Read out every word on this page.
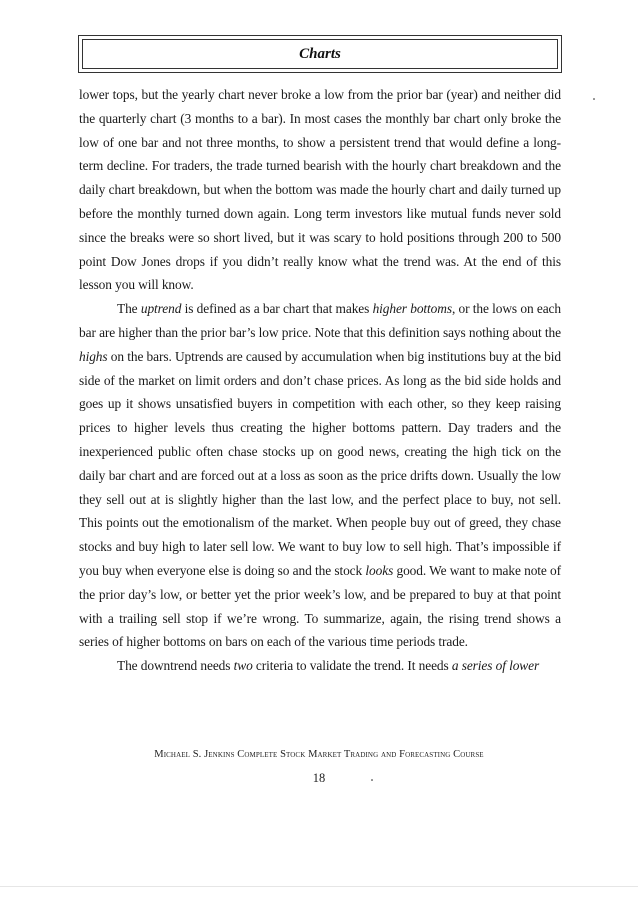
Charts

lower tops, but the yearly chart never broke a low from the prior bar (year) and neither did the quarterly chart (3 months to a bar). In most cases the monthly bar chart only broke the low of one bar and not three months, to show a persistent trend that would define a long-term decline. For traders, the trade turned bearish with the hourly chart breakdown and the daily chart breakdown, but when the bottom was made the hourly chart and daily turned up before the monthly turned down again. Long term investors like mutual funds never sold since the breaks were so short lived, but it was scary to hold positions through 200 to 500 point Dow Jones drops if you didn’t really know what the trend was. At the end of this lesson you will know.

The uptrend is defined as a bar chart that makes higher bottoms, or the lows on each bar are higher than the prior bar’s low price. Note that this definition says nothing about the highs on the bars. Uptrends are caused by accumulation when big institutions buy at the bid side of the market on limit orders and don’t chase prices. As long as the bid side holds and goes up it shows unsatisfied buyers in competition with each other, so they keep raising prices to higher levels thus creating the higher bottoms pattern. Day traders and the inexperienced public often chase stocks up on good news, creating the high tick on the daily bar chart and are forced out at a loss as soon as the price drifts down. Usually the low they sell out at is slightly higher than the last low, and the perfect place to buy, not sell. This points out the emotionalism of the market. When people buy out of greed, they chase stocks and buy high to later sell low. We want to buy low to sell high. That’s impossible if you buy when everyone else is doing so and the stock looks good. We want to make note of the prior day’s low, or better yet the prior week’s low, and be prepared to buy at that point with a trailing sell stop if we’re wrong. To summarize, again, the rising trend shows a series of higher bottoms on bars on each of the various time periods trade.

The downtrend needs two criteria to validate the trend. It needs a series of lower

Michael S. Jenkins Complete Stock Market Trading and Forecasting Course
18
